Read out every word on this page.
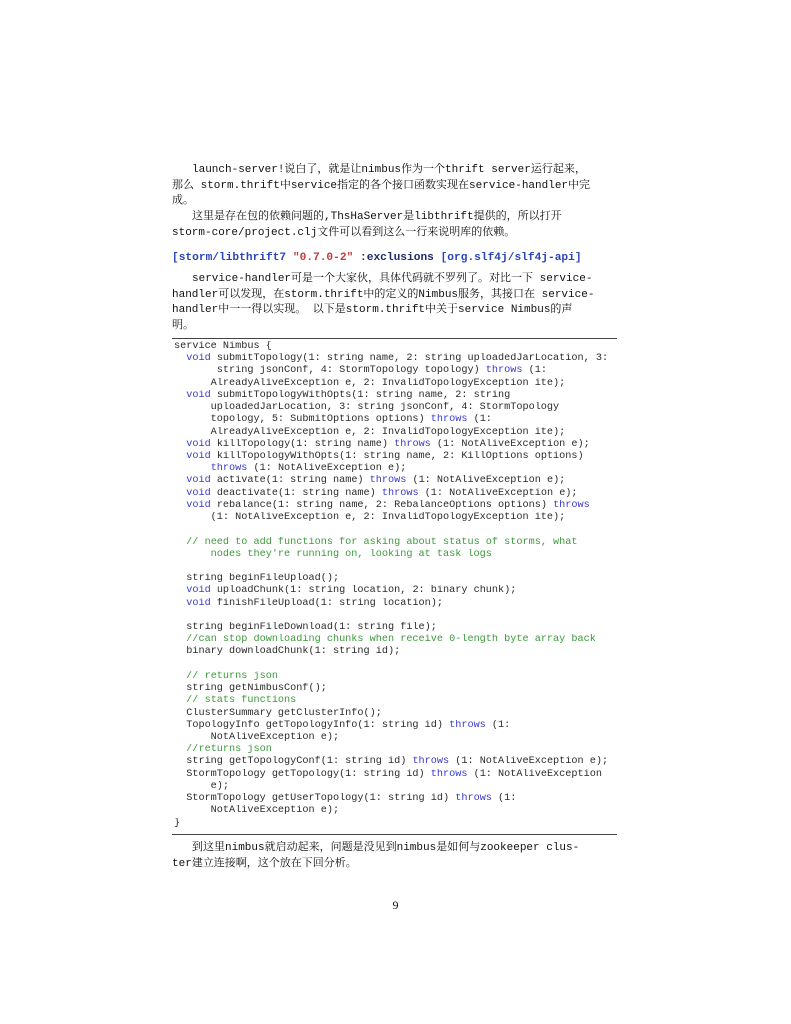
launch-server!说白了，就是让nimbus作为一个thrift server运行起来，
那么 storm.thrift中service指定的各个接口函数实现在service-handler中完
成。
这里是存在包的依赖问题的,ThsHaServer是libthrift提供的，所以打开
storm-core/project.clj文件可以看到这么一行来说明库的依赖。
[storm/libthrift7 "0.7.0-2" :exclusions [org.slf4j/slf4j-api]
service-handler可是一个大家伙，具体代码就不罗列了。对比一下 service-
handler可以发现，在storm.thrift中的定义的Nimbus服务，其接口在 service-
handler中一一得以实现。 以下是storm.thrift中关于service Nimbus的声
明。
service Nimbus {
void submitTopology(1: string name, 2: string uploadedJarLocation, 3:
string jsonConf, 4: StormTopology topology) throws (1:
AlreadyAliveException e, 2: InvalidTopologyException ite);
void submitTopologyWithOpts(1: string name, 2: string
uploadedJarLocation, 3: string jsonConf, 4: StormTopology
topology, 5: SubmitOptions options) throws (1:
AlreadyAliveException e, 2: InvalidTopologyException ite);
void killTopology(1: string name) throws (1: NotAliveException e);
void killTopologyWithOpts(1: string name, 2: KillOptions options)
throws (1: NotAliveException e);
void activate(1: string name) throws (1: NotAliveException e);
void deactivate(1: string name) throws (1: NotAliveException e);
void rebalance(1: string name, 2: RebalanceOptions options) throws
(1: NotAliveException e, 2: InvalidTopologyException ite);
// need to add functions for asking about status of storms, what
nodes they're running on, looking at task logs
string beginFileUpload();
void uploadChunk(1: string location, 2: binary chunk);
void finishFileUpload(1: string location);
string beginFileDownload(1: string file);
//can stop downloading chunks when receive 0-length byte array back
binary downloadChunk(1: string id);
// returns json
string getNimbusConf();
// stats functions
ClusterSummary getClusterInfo();
TopologyInfo getTopologyInfo(1: string id) throws (1:
NotAliveException e);
//returns json
string getTopologyConf(1: string id) throws (1: NotAliveException e);
StormTopology getTopology(1: string id) throws (1: NotAliveException
e);
StormTopology getUserTopology(1: string id) throws (1:
NotAliveException e);
}
到这里nimbus就启动起来，问题是没见到nimbus是如何与zookeeper clus-
ter建立连接啊，这个放在下回分析。
9
